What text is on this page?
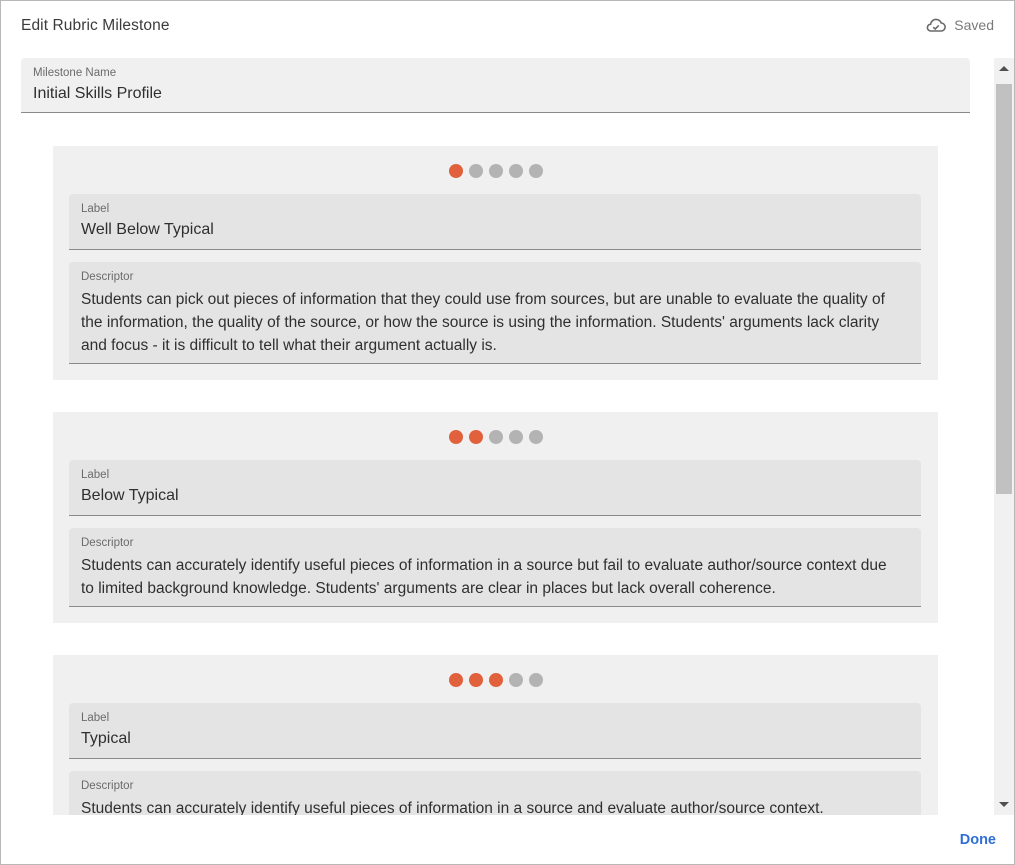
Edit Rubric Milestone	Saved
Milestone Name
Initial Skills Profile
Label
Well Below Typical
Descriptor
Students can pick out pieces of information that they could use from sources, but are unable to evaluate the quality of the information, the quality of the source, or how the source is using the information. Students' arguments lack clarity and focus - it is difficult to tell what their argument actually is.
Label
Below Typical
Descriptor
Students can accurately identify useful pieces of information in a source but fail to evaluate author/source context due to limited background knowledge. Students' arguments are clear in places but lack overall coherence.
Label
Typical
Descriptor
Students can accurately identify useful pieces of information in a source and evaluate author/source context.
Done
